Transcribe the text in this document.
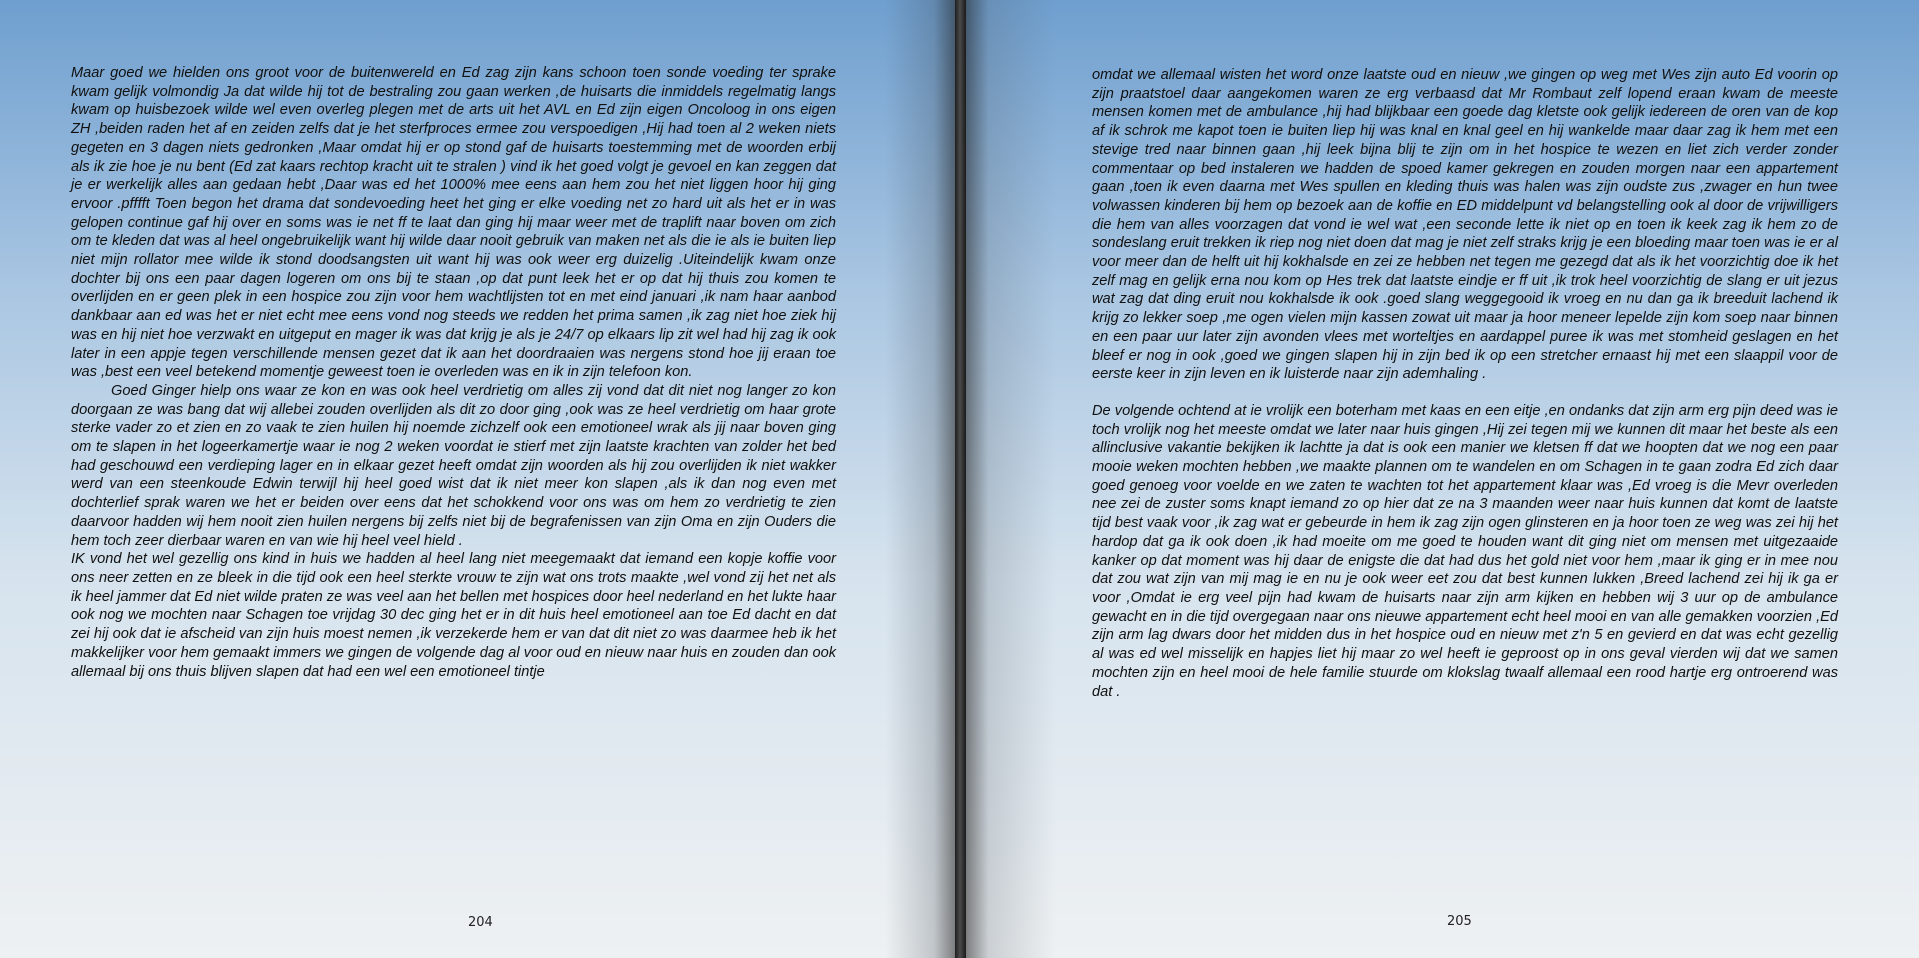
Maar goed we hielden ons groot voor de buitenwereld en Ed zag zijn kans schoon toen sonde voeding ter sprake kwam gelijk volmondig Ja dat wilde hij tot de bestraling zou gaan werken ,de huisarts die inmiddels regelmatig langs kwam op huisbezoek wilde wel even overleg plegen met de arts uit het AVL en Ed zijn eigen Oncoloog in ons eigen ZH ,beiden raden het af en zeiden zelfs dat je het sterfproces ermee zou verspoedigen ,Hij had toen al 2 weken niets gegeten en 3 dagen niets gedronken ,Maar omdat hij er op stond gaf de huisarts toestemming met de woorden erbij als ik zie hoe je nu bent (Ed zat kaars rechtop kracht uit te stralen ) vind ik het goed volgt je gevoel en kan zeggen dat je er werkelijk alles aan gedaan hebt ,Daar was ed het 1000% mee eens aan hem zou het niet liggen hoor hij ging ervoor .pfffft Toen begon het drama dat sondevoeding heet het ging er elke voeding net zo hard uit als het er in was gelopen continue gaf hij over en soms was ie net ff te laat dan ging hij maar weer met de traplift naar boven om zich om te kleden dat was al heel ongebruikelijk want hij wilde daar nooit gebruik van maken net als die ie als ie buiten liep niet mijn rollator mee wilde ik stond doodsangsten uit want hij was ook weer erg duizelig .Uiteindelijk kwam onze dochter bij ons een paar dagen logeren om ons bij te staan ,op dat punt leek het er op dat hij thuis zou komen te overlijden en er geen plek in een hospice zou zijn voor hem wachtlijsten tot en met eind januari ,ik nam haar aanbod dankbaar aan ed was het er niet echt mee eens vond nog steeds we redden het prima samen ,ik zag niet hoe ziek hij was en hij niet hoe verzwakt en uitgeput en mager ik was dat krijg je als je 24/7 op elkaars lip zit wel had hij zag ik ook later in een appje tegen verschillende mensen gezet dat ik aan het doordraaien was nergens stond hoe jij eraan toe was ,best een veel betekend momentje geweest toen ie overleden was en ik in zijn telefoon kon.

Goed Ginger hielp ons waar ze kon en was ook heel verdrietig om alles zij vond dat dit niet nog langer zo kon doorgaan ze was bang dat wij allebei zouden overlijden als dit zo door ging ,ook was ze heel verdrietig om haar grote sterke vader zo et zien en zo vaak te zien huilen hij noemde zichzelf ook een emotioneel wrak als jij naar boven ging om te slapen in het logeerkamertje waar ie nog 2 weken voordat ie stierf met zijn laatste krachten van zolder het bed had geschouwd een verdieping lager en in elkaar gezet heeft omdat zijn woorden als hij zou overlijden ik niet wakker werd van een steenkoude Edwin terwijl hij heel goed wist dat ik niet meer kon slapen ,als ik dan nog even met dochterlief sprak waren we het er beiden over eens dat het schokkend voor ons was om hem zo verdrietig te zien daarvoor hadden wij hem nooit zien huilen nergens bij zelfs niet bij de begrafenissen van zijn Oma en zijn Ouders die hem toch zeer dierbaar waren en van wie hij heel veel hield .

IK vond het wel gezellig ons kind in huis we hadden al heel lang niet meegemaakt dat iemand een kopje koffie voor ons neer zetten en ze bleek in die tijd ook een heel sterkte vrouw te zijn wat ons trots maakte ,wel vond zij het net als ik heel jammer dat Ed niet wilde praten ze was veel aan het bellen met hospices door heel nederland en het lukte haar ook nog we mochten naar Schagen toe vrijdag 30 dec ging het er in dit huis heel emotioneel aan toe Ed dacht en dat zei hij ook dat ie afscheid van zijn huis moest nemen ,ik verzekerde hem er van dat dit niet zo was daarmee heb ik het makkelijker voor hem gemaakt immers we gingen de volgende dag al voor oud en nieuw naar huis en zouden dan ook allemaal bij ons thuis blijven slapen dat had een wel een emotioneel tintje

204

omdat we allemaal wisten het word onze laatste oud en nieuw ,we gingen op weg met Wes zijn auto Ed voorin op zijn praatstoel daar aangekomen waren ze erg verbaasd dat Mr Rombaut zelf lopend eraan kwam de meeste mensen komen met de ambulance ,hij had blijkbaar een goede dag kletste ook gelijk iedereen de oren van de kop af ik schrok me kapot toen ie buiten liep hij was knal en knal geel en hij wankelde maar daar zag ik hem met een stevige tred naar binnen gaan ,hij leek bijna blij te zijn om in het hospice te wezen en liet zich verder zonder commentaar op bed instaleren we hadden de spoed kamer gekregen en zouden morgen naar een appartement gaan ,toen ik even daarna met Wes spullen en kleding thuis was halen was zijn oudste zus ,zwager en hun twee volwassen kinderen bij hem op bezoek aan de koffie en ED middelpunt vd belangstelling ook al door de vrijwilligers die hem van alles voorzagen dat vond ie wel wat ,een seconde lette ik niet op en toen ik keek zag ik hem zo de sondeslang eruit trekken ik riep nog niet doen dat mag je niet zelf straks krijg je een bloeding maar toen was ie er al voor meer dan de helft uit hij kokhalsde en zei ze hebben net tegen me gezegd dat als ik het voorzichtig doe ik het zelf mag en gelijk erna nou kom op Hes trek dat laatste eindje er ff uit ,ik trok heel voorzichtig de slang er uit jezus wat zag dat ding eruit nou kokhalsde ik ook .goed slang weggegooid ik vroeg en nu dan ga ik breeduit lachend ik krijg zo lekker soep ,me ogen vielen mijn kassen zowat uit maar ja hoor meneer lepelde zijn kom soep naar binnen en een paar uur later zijn avonden vlees met worteltjes en aardappel puree ik was met stomheid geslagen en het bleef er nog in ook ,goed we gingen slapen hij in zijn bed ik op een stretcher ernaast hij met een slaappil voor de eerste keer in zijn leven en ik luisterde naar zijn ademhaling .

De volgende ochtend at ie vrolijk een boterham met kaas en een eitje ,en ondanks dat zijn arm erg pijn deed was ie toch vrolijk nog het meeste omdat we later naar huis gingen ,Hij zei tegen mij we kunnen dit maar het beste als een allinclusive vakantie bekijken ik lachtte ja dat is ook een manier we kletsen ff dat we hoopten dat we nog een paar mooie weken mochten hebben ,we maakte plannen om te wandelen en om Schagen in te gaan zodra Ed zich daar goed genoeg voor voelde en we zaten te wachten tot het appartement klaar was ,Ed vroeg is die Mevr overleden nee zei de zuster soms knapt iemand zo op hier dat ze na 3 maanden weer naar huis kunnen dat komt de laatste tijd best vaak voor ,ik zag wat er gebeurde in hem ik zag zijn ogen glinsteren en ja hoor toen ze weg was zei hij het hardop dat ga ik ook doen ,ik had moeite om me goed te houden want dit ging niet om mensen met uitgezaaide kanker op dat moment was hij daar de enigste die dat had dus het gold niet voor hem ,maar ik ging er in mee nou dat zou wat zijn van mij mag ie en nu je ook weer eet zou dat best kunnen lukken ,Breed lachend zei hij ik ga er voor ,Omdat ie erg veel pijn had kwam de huisarts naar zijn arm kijken en hebben wij 3 uur op de ambulance gewacht en in die tijd overgegaan naar ons nieuwe appartement echt heel mooi en van alle gemakken voorzien ,Ed zijn arm lag dwars door het midden dus in het hospice oud en nieuw met z'n 5 en gevierd en dat was echt gezellig al was ed wel misselijk en hapjes liet hij maar zo wel heeft ie geproost op in ons geval vierden wij dat we samen mochten zijn en heel mooi de hele familie stuurde om klokslag twaalf allemaal een rood hartje erg ontroerend was dat .

205
